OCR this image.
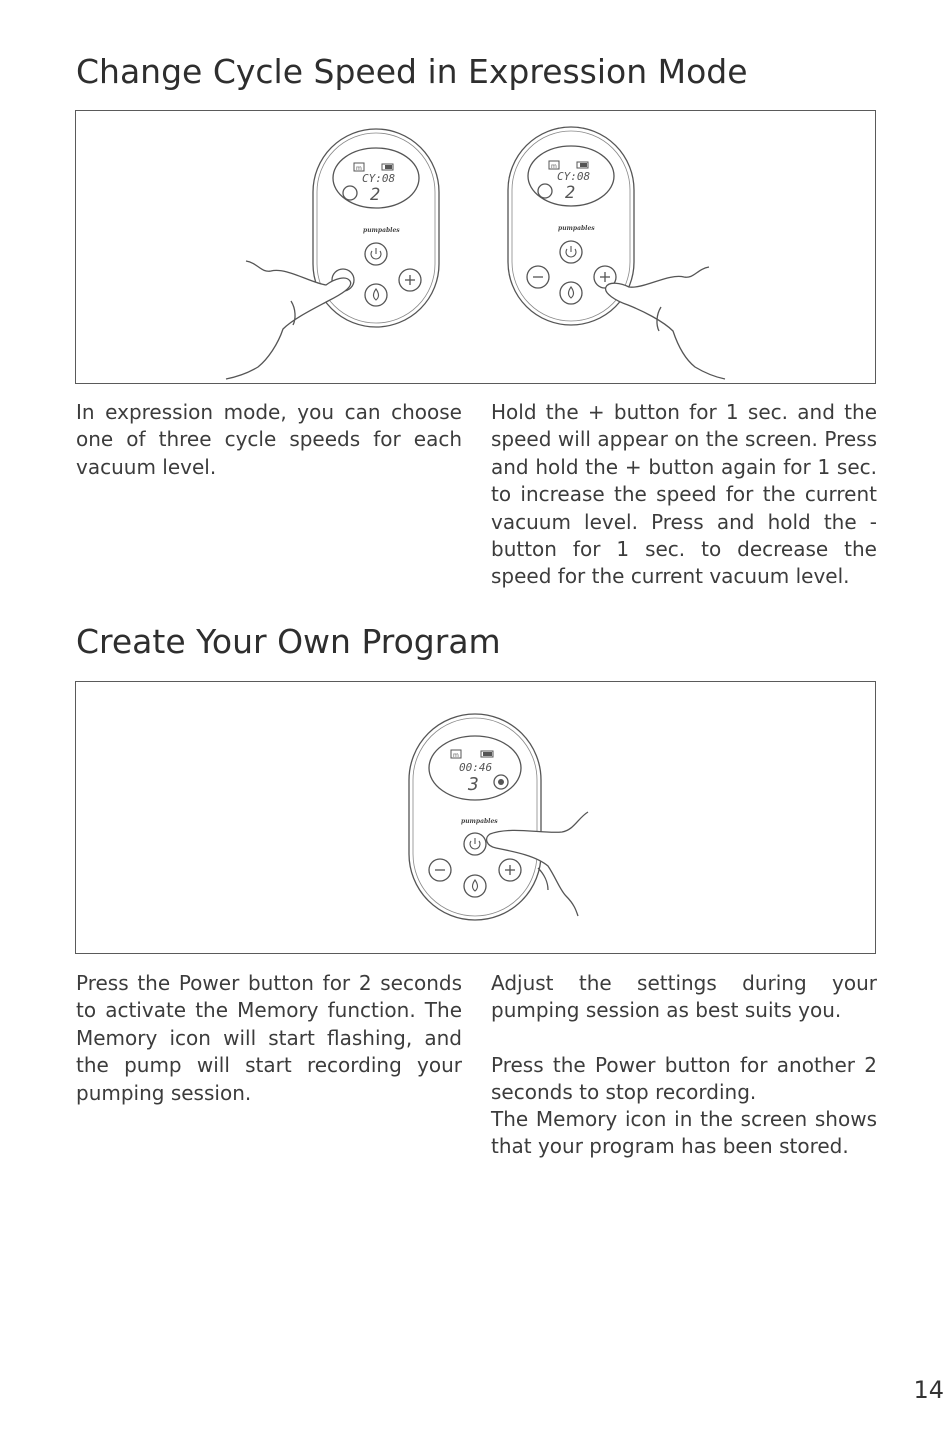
Change Cycle Speed in Expression Mode
m
CY:08
2
pumpables
m
CY:08
2
pumpables

In expression mode, you can choose one of three cycle speeds for each vacuum level.

Hold the + button for 1 sec. and the speed will appear on the screen. Press and hold the + button again for 1 sec. to increase the speed for the current vacuum level. Press and hold the - button for 1 sec. to decrease the speed for the current vacuum level.

Create Your Own Program
m
00:46
3
pumpables

Press the Power button for 2 seconds to activate the Memory function. The Memory icon will start flashing, and the pump will start recording your pumping session.

Adjust the settings during your pumping session as best suits you.

Press the Power button for another 2 seconds to stop recording.

The Memory icon in the screen shows that your program has been stored.

14
